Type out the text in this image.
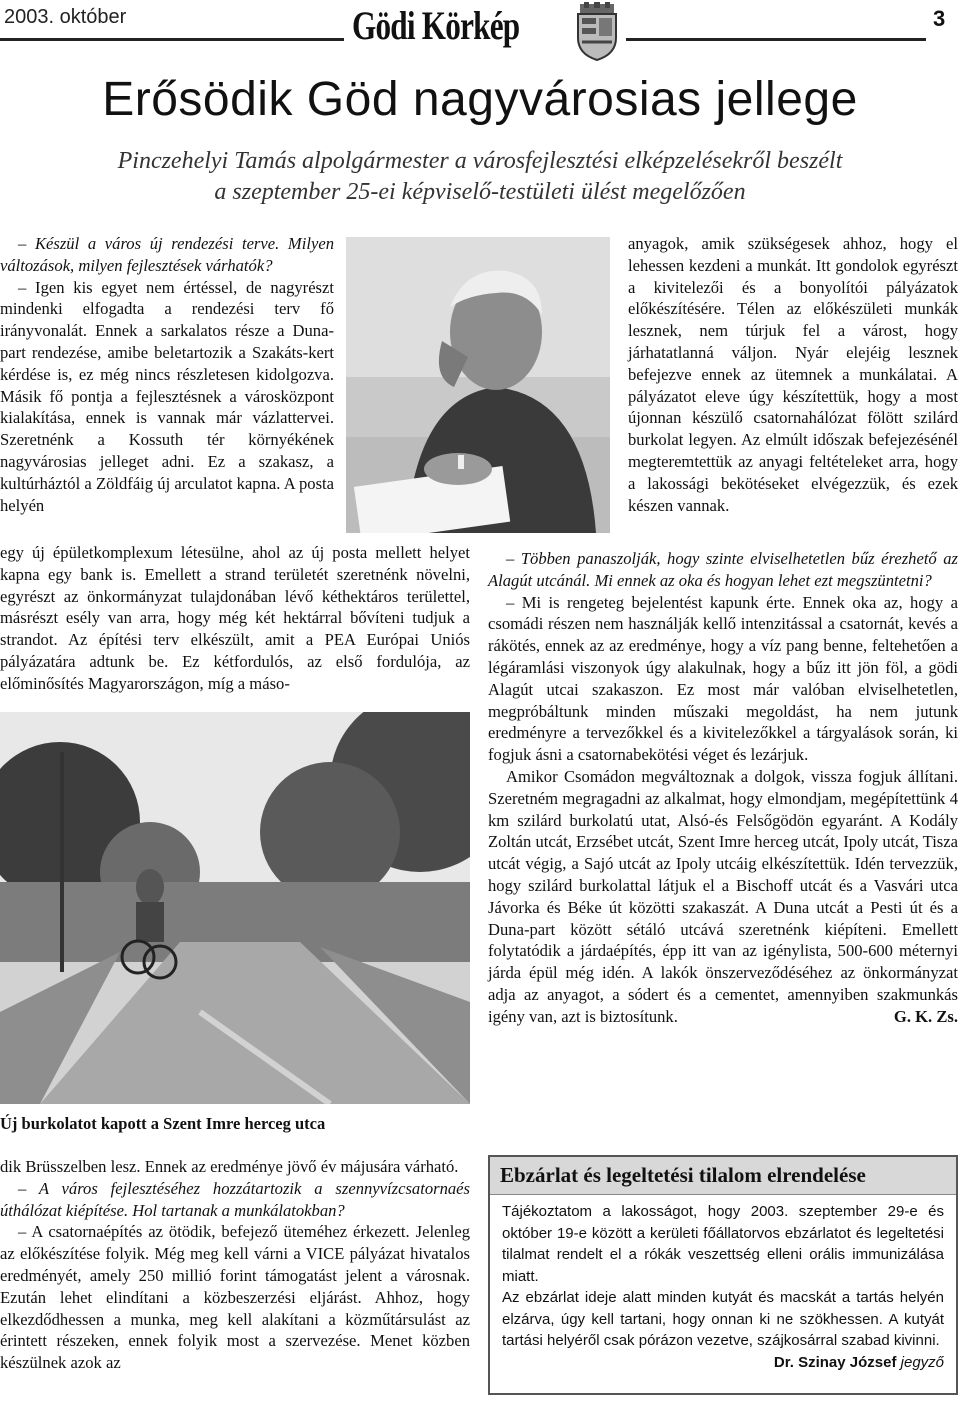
2003. október	Gödi Körkép	3
Erősödik Göd nagyvárosias jellege
Pinczehelyi Tamás alpolgármester a városfejlesztési elképzelésekről beszélt
a szeptember 25-ei képviselő-testületi ülést megelőzően

– Készül a város új rendezési terve. Milyen változások, milyen fejlesztések várhatók?

– Igen kis egyet nem értéssel, de nagyrészt mindenki elfogadta a rendezési terv fő irányvonalát. Ennek a sarkalatos része a Duna-part rendezése, amibe beletartozik a Szakáts-kert kérdése is, ez még nincs részletesen kidolgozva. Másik fő pontja a fejlesztésnek a városközpont kialakítása, ennek is vannak már vázlattervei. Szeretnénk a Kossuth tér környékének nagyvárosias jelleget adni. Ez a szakasz, a kultúrháztól a Zöldfáig új arculatot kapna. A posta helyén

egy új épületkomplexum létesülne, ahol az új posta mellett helyet kapna egy bank is. Emellett a strand területét szeretnénk növelni, egyrészt az önkormányzat tulajdonában lévő kéthektáros területtel, másrészt esély van arra, hogy még két hektárral bővíteni tudjuk a strandot. Az építési terv elkészült, amit a PEA Európai Uniós pályázatára adtunk be. Ez kétfordulós, az első fordulója, az előminősítés Magyarországon, míg a máso-

Új burkolatot kapott a Szent Imre herceg utca

dik Brüsszelben lesz. Ennek az eredménye jövő év májusára várható.

– A város fejlesztéséhez hozzátartozik a szennyvízcsatornaés úthálózat kiépítése. Hol tartanak a munkálatokban?

– A csatornaépítés az ötödik, befejező üteméhez érkezett. Jelenleg az előkészítése folyik. Még meg kell várni a VICE pályázat hivatalos eredményét, amely 250 millió forint támogatást jelent a városnak. Ezután lehet elindítani a közbeszerzési eljárást. Ahhoz, hogy elkezdődhessen a munka, meg kell alakítani a közműtársulást az érintett részeken, ennek folyik most a szervezése. Menet közben készülnek azok az

anyagok, amik szükségesek ahhoz, hogy el lehessen kezdeni a munkát. Itt gondolok egyrészt a kivitelezői és a bonyolítói pályázatok előkészítésére. Télen az előkészületi munkák lesznek, nem túrjuk fel a várost, hogy járhatatlanná váljon. Nyár elejéig lesznek befejezve ennek az ütemnek a munkálatai. A pályázatot eleve úgy készítettük, hogy a most újonnan készülő csatornahálózat fölött szilárd burkolat legyen. Az elmúlt időszak befejezésénél megteremtettük az anyagi feltételeket arra, hogy a lakossági bekötéseket elvégezzük, és ezek készen vannak.

– Többen panaszolják, hogy szinte elviselhetetlen bűz érezhető az Alagút utcánál. Mi ennek az oka és hogyan lehet ezt megszüntetni?

– Mi is rengeteg bejelentést kapunk érte. Ennek oka az, hogy a csomádi részen nem használják kellő intenzitással a csatornát, kevés a rákötés, ennek az az eredménye, hogy a víz pang benne, feltehetően a légáramlási viszonyok úgy alakulnak, hogy a bűz itt jön föl, a gödi Alagút utcai szakaszon. Ez most már valóban elviselhetetlen, megpróbáltunk minden műszaki megoldást, ha nem jutunk eredményre a tervezőkkel és a kivitelezőkkel a tárgyalások során, ki fogjuk ásni a csatornabekötési véget és lezárjuk.

Amikor Csomádon megváltoznak a dolgok, vissza fogjuk állítani. Szeretném megragadni az alkalmat, hogy elmondjam, megépítettünk 4 km szilárd burkolatú utat, Alsó-és Felsőgödön egyaránt. A Kodály Zoltán utcát, Erzsébet utcát, Szent Imre herceg utcát, Ipoly utcát, Tisza utcát végig, a Sajó utcát az Ipoly utcáig elkészítettük. Idén tervezzük, hogy szilárd burkolattal látjuk el a Bischoff utcát és a Vasvári utca Jávorka és Béke út közötti szakaszát. A Duna utcát a Pesti út és a Duna-part között sétáló utcává szeretnénk kiépíteni. Emellett folytatódik a járdaépítés, épp itt van az igénylista, 500-600 méternyi járda épül még idén. A lakók önszerveződéséhez az önkormányzat adja az anyagot, a sódert és a cementet, amennyiben szakmunkás igény van, azt is biztosítunk.	G. K. Zs.

Ebzárlat és legeltetési tilalom elrendelése

Tájékoztatom a lakosságot, hogy 2003. szeptember 29-e és október 19-e között a kerületi főállatorvos ebzárlatot és legeltetési tilalmat rendelt el a rókák veszettség elleni orális immunizálása miatt.

Az ebzárlat ideje alatt minden kutyát és macskát a tartás helyén elzárva, úgy kell tartani, hogy onnan ki ne szökhessen. A kutyát tartási helyéről csak pórázon vezetve, szájkosárral szabad kivinni.
Dr. Szinay József jegyző
